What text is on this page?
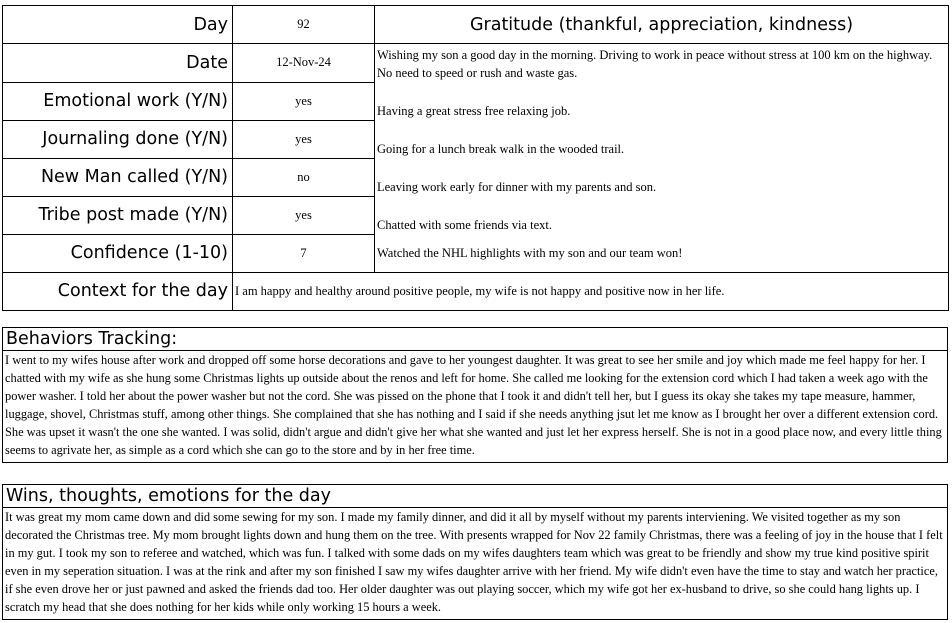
Day	92	Gratitude (thankful, appreciation, kindness)
Date	12-Nov-24	Wishing my son a good day in the morning. Driving to work in peace without stress at 100 km on the highway. No need to speed or rush and waste gas.
Emotional work (Y/N)	yes	Having a great stress free relaxing job.
Journaling done (Y/N)	yes	Going for a lunch break walk in the wooded trail.
New Man called (Y/N)	no	Leaving work early for dinner with my parents and son.
Tribe post made (Y/N)	yes	Chatted with some friends via text.
Confidence (1-10)	7	Watched the NHL highlights with my son and our team won!
Context for the day	I am happy and healthy around positive people, my wife is not happy and positive now in her life.	
Behaviors Tracking:
I went to my wifes house after work and dropped off some horse decorations and gave to her youngest daughter. It was great to see her smile and joy which made me feel happy for her. I chatted with my wife as she hung some Christmas lights up outside about the renos and left for home. She called me looking for the extension cord which I had taken a week ago with the power washer. I told her about the power washer but not the cord. She was pissed on the phone that I took it and didn't tell her, but I guess its okay she takes my tape measure, hammer, luggage, shovel, Christmas stuff, among other things. She complained that she has nothing and I said if she needs anything jsut let me know as I brought her over a different extension cord. She was upset it wasn't the one she wanted. I was solid, didn't argue and didn't give her what she wanted and just let her express herself. She is not in a good place now, and every little thing seems to agrivate her, as simple as a cord which she can go to the store and by in her free time.
Wins, thoughts, emotions for the day
It was great my mom came down and did some sewing for my son. I made my family dinner, and did it all by myself without my parents interviening. We visited together as my son decorated the Christmas tree. My mom brought lights down and hung them on the tree. With presents wrapped for Nov 22 family Christmas, there was a feeling of joy in the house that I felt in my gut. I took my son to referee and watched, which was fun. I talked with some dads on my wifes daughters team which was great to be friendly and show my true kind positive spirit even in my seperation situation. I was at the rink and after my son finished I saw my wifes daughter arrive with her friend. My wife didn't even have the time to stay and watch her practice, if she even drove her or just pawned and asked the friends dad too. Her older daughter was out playing soccer, which my wife got her ex-husband to drive, so she could hang lights up. I scratch my head that she does nothing for her kids while only working 15 hours a week.
